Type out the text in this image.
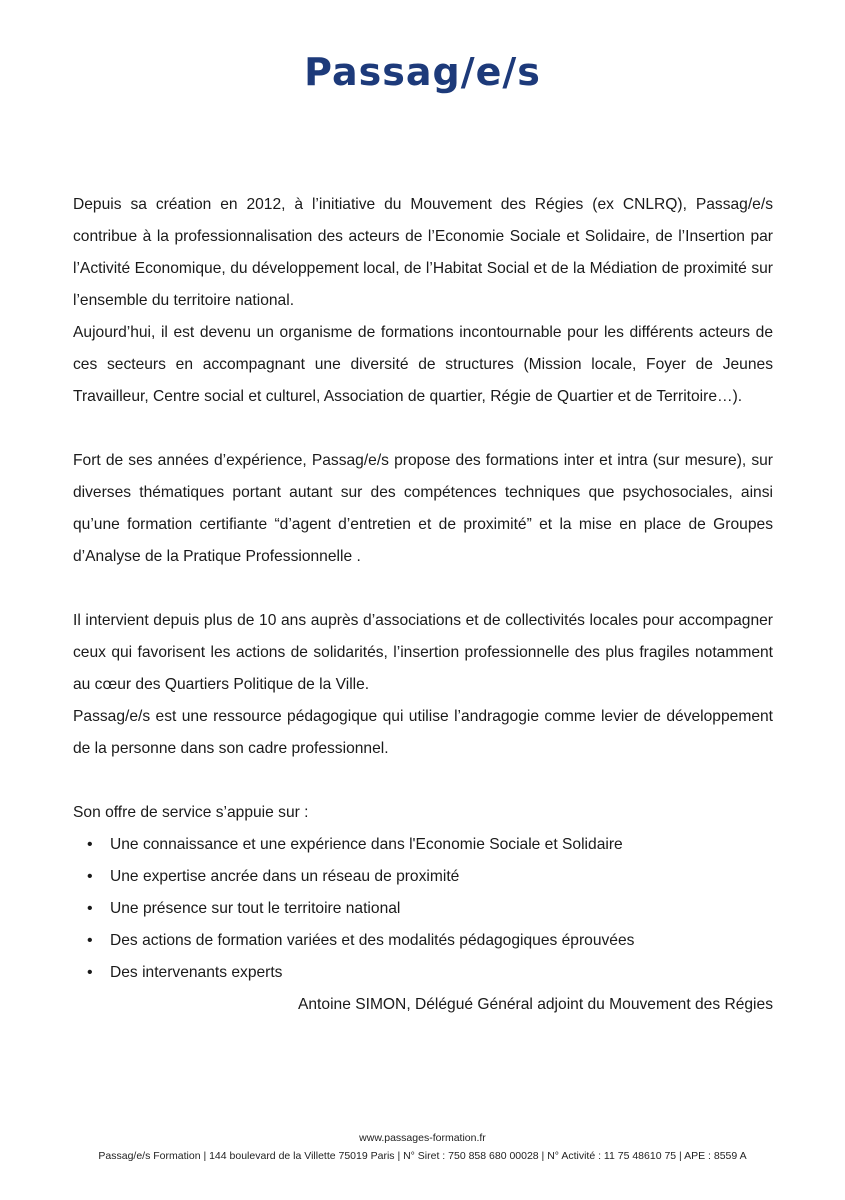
Passag/e/s

Depuis sa création en 2012, à l’initiative du Mouvement des Régies (ex CNLRQ), Passag/e/s contribue à la professionnalisation des acteurs de l’Economie Sociale et Solidaire, de l’Insertion par l’Activité Economique, du développement local, de l’Habitat Social et de la Médiation de proximité sur l’ensemble du territoire national.

Aujourd’hui, il est devenu un organisme de formations incontournable pour les différents acteurs de ces secteurs en accompagnant une diversité de structures (Mission locale, Foyer de Jeunes Travailleur, Centre social et culturel, Association de quartier, Régie de Quartier et de Territoire…).

Fort de ses années d’expérience, Passag/e/s propose des formations inter et intra (sur mesure), sur diverses thématiques portant autant sur des compétences techniques que psychosociales, ainsi qu’une formation certifiante “d’agent d’entretien et de proximité” et la mise en place de Groupes d’Analyse de la Pratique Professionnelle .

Il intervient depuis plus de 10 ans auprès d’associations et de collectivités locales pour accompagner ceux qui favorisent les actions de solidarités, l’insertion professionnelle des plus fragiles notamment au cœur des Quartiers Politique de la Ville.

Passag/e/s est une ressource pédagogique qui utilise l’andragogie comme levier de développement de la personne dans son cadre professionnel.

Son offre de service s’appuie sur :

• Une connaissance et une expérience dans l'Economie Sociale et Solidaire
• Une expertise ancrée dans un réseau de proximité
• Une présence sur tout le territoire national
• Des actions de formation variées et des modalités pédagogiques éprouvées
• Des intervenants experts

Antoine SIMON, Délégué Général adjoint du Mouvement des Régies

www.passages-formation.fr
Passag/e/s Formation | 144 boulevard de la Villette 75019 Paris | N° Siret : 750 858 680 00028 | N° Activité : 11 75 48610 75 | APE : 8559 A
